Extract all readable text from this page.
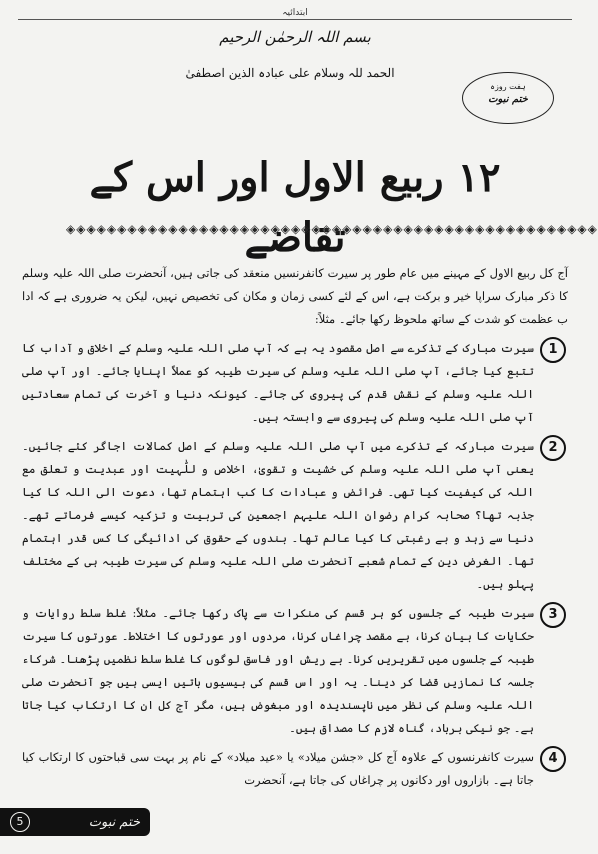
ابتدائیہ
بسم اللہ الرحمٰن الرحیم
الحمد للہ وسلام علی عبادہ الذین اصطفیٰ
ہفت روزہ
ختم نبوت
۱۲ ربیع الاول اور اس کے تقاضے
◈◈◈◈◈◈◈◈◈◈◈◈◈◈◈◈◈◈◈◈◈◈◈◈◈◈◈◈◈◈◈◈◈◈◈◈◈◈◈◈◈◈◈◈◈◈◈◈◈◈◈◈

آج کل ربیع الاول کے مہینے میں عام طور پر سیرت کانفرنسیں منعقد کی جاتی ہیں، آنحضرت صلی اللہ علیہ وسلم کا ذکر مبارک سراپا خیر و برکت ہے، اس کے لئے کسی زمان و مکان کی تخصیص نہیں، لیکن یہ ضروری ہے کہ ادا ب عظمت کو شدت کے ساتھ ملحوظ رکھا جائے۔ مثلاً:

1
سیرت مبارک کے تذکرے سے اصل مقصود یہ ہے کہ آپ صلی اللہ علیہ وسلم کے اخلاق و آداب کا تتبع کیا جائے، آپ صلی اللہ علیہ وسلم کی سیرت طیبہ کو عملاً اپنایا جائے۔ اور آپ صلی اللہ علیہ وسلم کے نقش قدم کی پیروی کی جائے۔ کیونکہ دنیا و آخرت کی تمام سعادتیں آپ صلی اللہ علیہ وسلم کی پیروی سے وابستہ ہیں۔

2
سیرت مبارکہ کے تذکرے میں آپ صلی اللہ علیہ وسلم کے اصل کمالات اجاگر کئے جائیں۔ یعنی آپ صلی اللہ علیہ وسلم کی خشیت و تقویٰ، اخلاص و للّٰہیت اور عبدیت و تعلق مع اللہ کی کیفیت کیا تھی۔ فرائض و عبادات کا کب اہتمام تھا، دعوت الی اللہ کا کیا جذبہ تھا؟ صحابہ کرام رضوان اللہ علیہم اجمعین کی تربیت و تزکیہ کیسے فرماتے تھے۔ دنیا سے زہد و بے رغبتی کا کیا عالم تھا۔ بندوں کے حقوق کی ادائیگی کا کس قدر اہتمام تھا۔ الغرض دین کے تمام شعبے آنحضرت صلی اللہ علیہ وسلم کی سیرت طیبہ ہی کے مختلف پہلو ہیں۔

3
سیرت طیبہ کے جلسوں کو ہر قسم کی منکرات سے پاک رکھا جائے۔ مثلاً: غلط سلط روایات و حکایات کا بیان کرنا، بے مقصد چراغاں کرنا، مردوں اور عورتوں کا اختلاط۔ عورتوں کا سیرت طیبہ کے جلسوں میں تقریریں کرنا۔ بے ریش اور فاسق لوگوں کا غلط سلط نظمیں پڑھنا۔ شرکاء جلسہ کا نمازیں قضا کر دینا۔ یہ اور اس قسم کی بیسیوں باتیں ایسی ہیں جو آنحضرت صلی اللہ علیہ وسلم کی نظر میں ناپسندیدہ اور مبغوض ہیں، مگر آج کل ان کا ارتکاب کیا جاتا ہے۔ جو نیکی برباد، گناہ لازم کا مصداق ہیں۔

4
سیرت کانفرنسوں کے علاوہ آج کل «جشن میلاد» یا «عید میلاد» کے نام پر بہت سی قباحتوں کا ارتکاب کیا جاتا ہے۔ بازاروں اور دکانوں پر چراغاں کی جاتا ہے، آنحضرت

ختم نبوت
5
